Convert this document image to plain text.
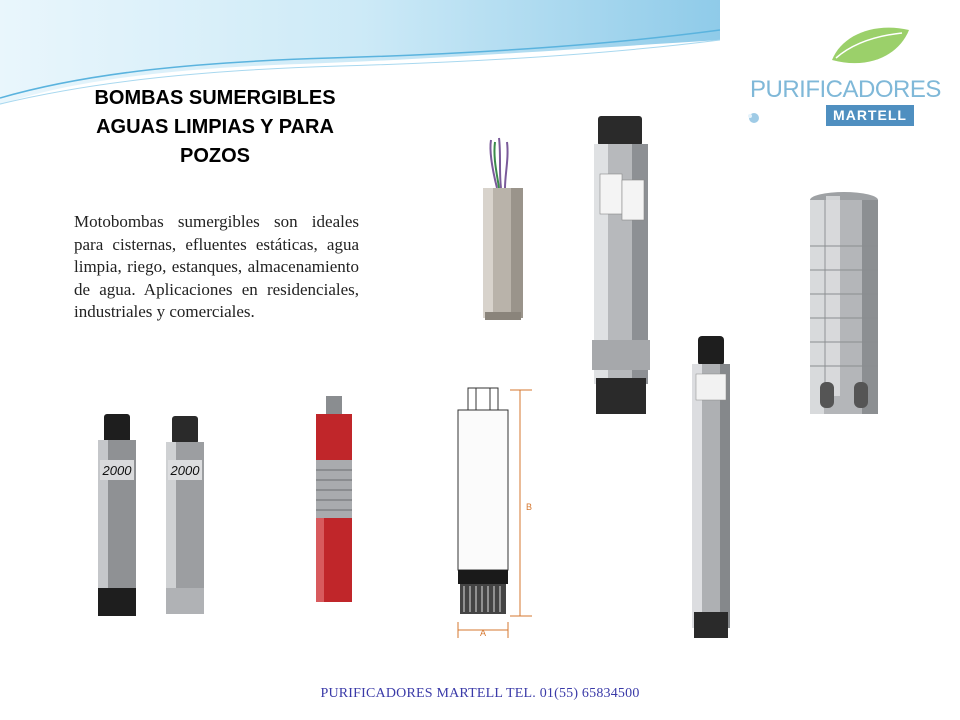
BOMBAS SUMERGIBLES
AGUAS LIMPIAS Y PARA
POZOS
Motobombas sumergibles son ideales para cisternas, efluentes estáticas, agua limpia, riego, estanques, almacenamiento de agua. Aplicaciones en residenciales, industriales y comerciales.
PURIFICADORES
MARTELL
2000	2000
B
A
PURIFICADORES MARTELL TEL. 01(55) 65834500
